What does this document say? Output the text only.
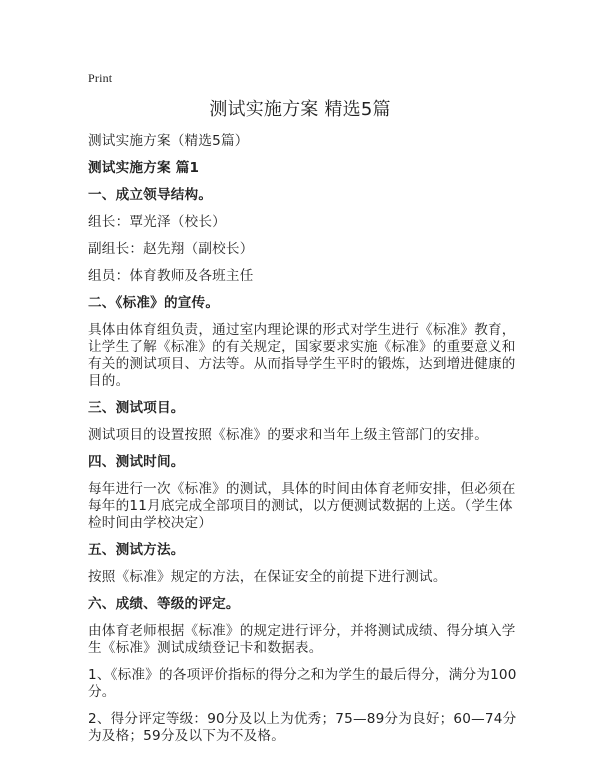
Print
测试实施方案 精选5篇
测试实施方案（精选5篇）
测试实施方案 篇1
一、成立领导结构。
组长：覃光泽（校长）
副组长：赵先翔（副校长）
组员：体育教师及各班主任
二、《标准》的宣传。
具体由体育组负责，通过室内理论课的形式对学生进行《标准》教育，让学生了解《标准》的有关规定，国家要求实施《标准》的重要意义和有关的测试项目、方法等。从而指导学生平时的锻炼，达到增进健康的目的。
三、测试项目。
测试项目的设置按照《标准》的要求和当年上级主管部门的安排。
四、测试时间。
每年进行一次《标准》的测试，具体的时间由体育老师安排，但必须在每年的11月底完成全部项目的测试，以方便测试数据的上送。（学生体检时间由学校决定）
五、测试方法。
按照《标准》规定的方法，在保证安全的前提下进行测试。
六、成绩、等级的评定。
由体育老师根据《标准》的规定进行评分，并将测试成绩、得分填入学生《标准》测试成绩登记卡和数据表。
1、《标准》的各项评价指标的得分之和为学生的最后得分，满分为100分。
2、得分评定等级：90分及以上为优秀；75—89分为良好；60—74分为及格；59分及以下为不及格。
